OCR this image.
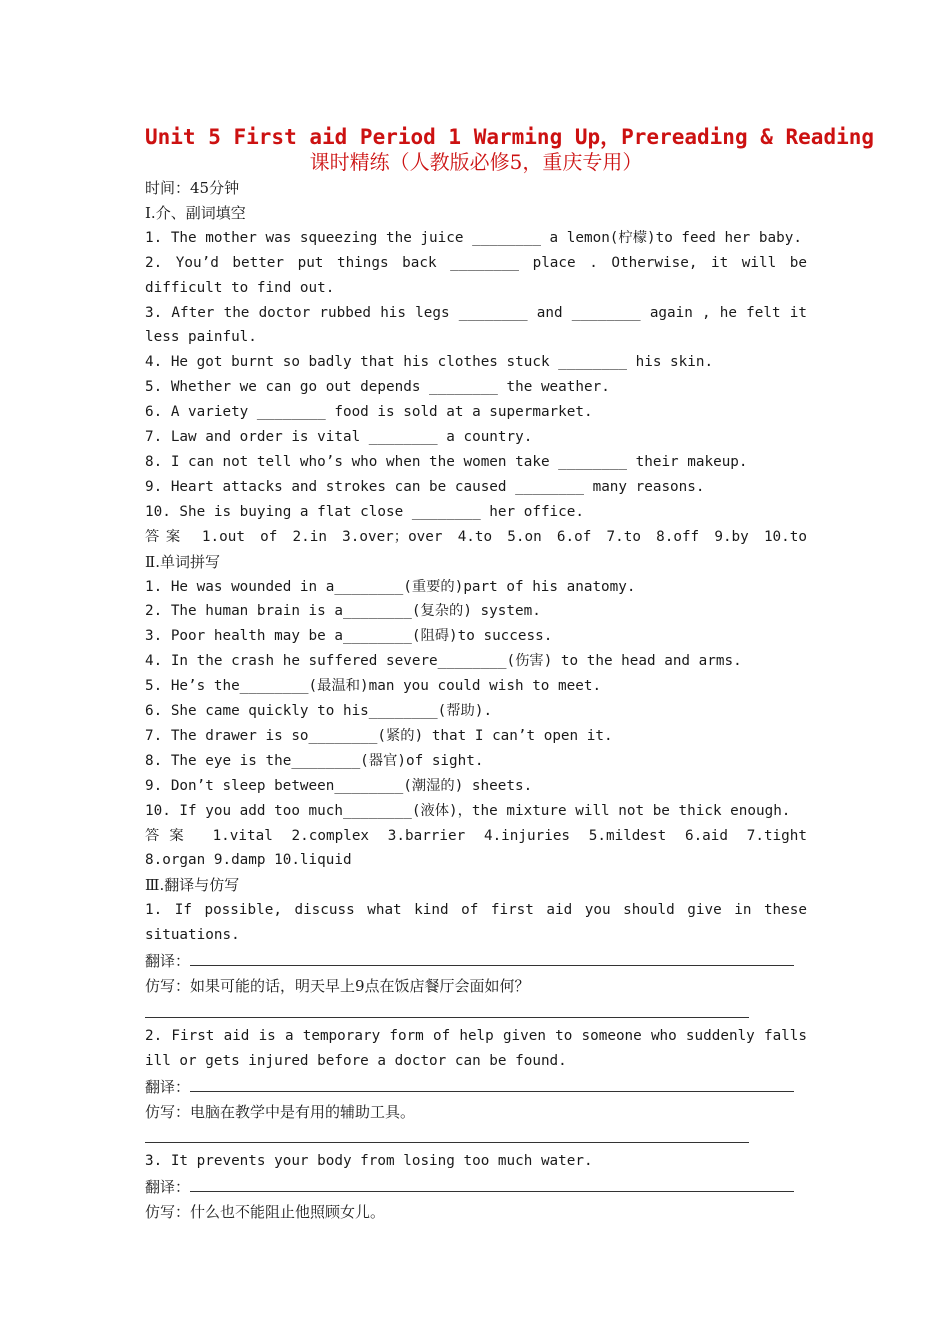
Unit 5 First aid Period 1 Warming Up，Prereading & Reading
课时精练（人教版必修5，重庆专用）
时间：45分钟
Ⅰ.介、副词填空
1. The mother was squeezing the juice ________ a lemon(柠檬)to feed her baby.
2. You’d better put things back ________ place . Otherwise, it will be
difficult to find out.
3. After the doctor rubbed his legs ________ and ________ again , he felt it
less painful.
4. He got burnt so badly that his clothes stuck ________ his skin.
5. Whether we can go out depends ________ the weather.
6. A variety ________ food is sold at a supermarket.
7. Law and order is vital ________ a country.
8. I can not tell who’s who when the women take ________ their makeup.
9. Heart attacks and strokes can be caused ________ many reasons.
10. She is buying a flat close ________ her office.
答案 1.out of 2.in 3.over；over 4.to 5.on 6.of 7.to 8.off 9.by 10.to
Ⅱ.单词拼写
1. He was wounded in a________(重要的)part of his anatomy.
2. The human brain is a________(复杂的) system.
3. Poor health may be a________(阻碍)to success.
4. In the crash he suffered severe________(伤害) to the head and arms.
5. He’s the________(最温和)man you could wish to meet.
6. She came quickly to his________(帮助).
7. The drawer is so________(紧的) that I can’t open it.
8. The eye is the________(器官)of sight.
9. Don’t sleep between________(潮湿的) sheets.
10. If you add too much________(液体)，the mixture will not be thick enough.
答案 1.vital 2.complex 3.barrier 4.injuries 5.mildest 6.aid 7.tight
8.organ 9.damp 10.liquid
Ⅲ.翻译与仿写
1. If possible, discuss what kind of first aid you should give in these
situations.
翻译：
仿写：如果可能的话，明天早上9点在饭店餐厅会面如何？
2. First aid is a temporary form of help given to someone who suddenly falls
ill or gets injured before a doctor can be found.
翻译：
仿写：电脑在教学中是有用的辅助工具。
3. It prevents your body from losing too much water.
翻译：
仿写：什么也不能阻止他照顾女儿。
